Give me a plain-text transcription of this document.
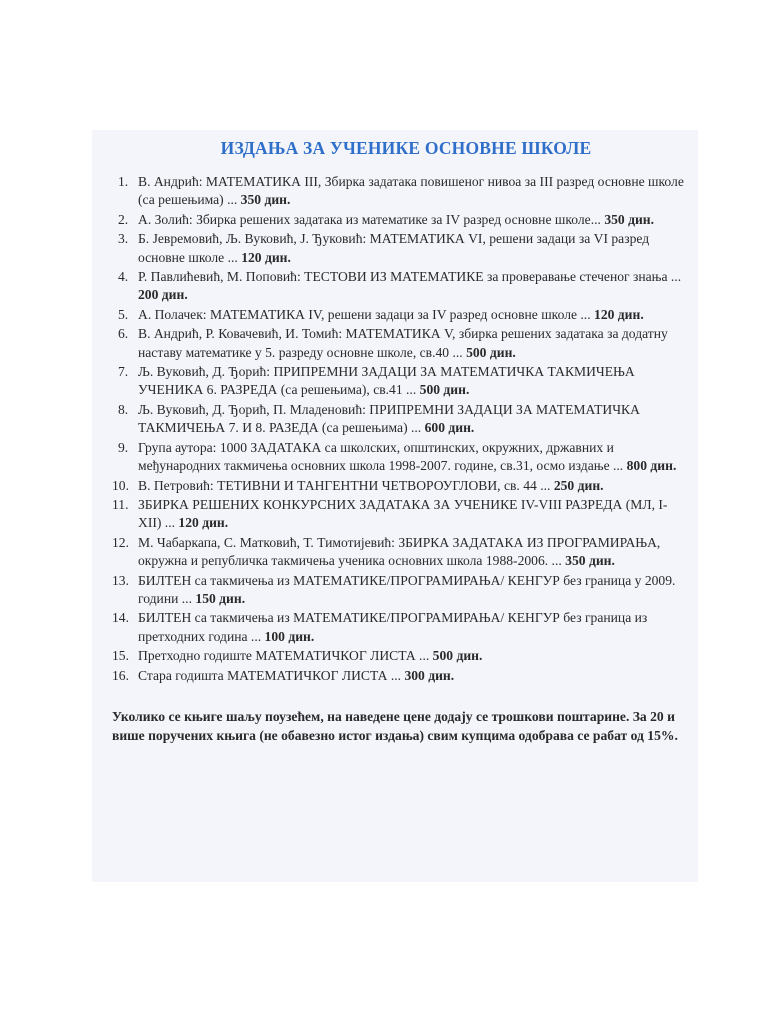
ИЗДАЊА ЗА УЧЕНИКЕ ОСНОВНЕ ШКОЛЕ
1. В. Андрић: МАТЕМАТИКА III, Збирка задатака повишеног нивоа за III разред основне школе (са решењима) ... 350 дин.
2. А. Золић: Збирка решених задатака из математике за IV разред основне школе... 350 дин.
3. Б. Јевремовић, Љ. Вуковић, Ј. Ђуковић: МАТЕМАТИКА VI, решени задаци за VI разред основне школе ... 120 дин.
4. Р. Павлићевић, М. Поповић: ТЕСТОВИ ИЗ МАТЕМАТИКЕ за проверавање стеченог знања ... 200 дин.
5. А. Полачек: МАТЕМАТИКА IV, решени задаци за IV разред основне школе ... 120 дин.
6. В. Андрић, Р. Ковачевић, И. Томић: МАТЕМАТИКА V, збирка решених задатака за додатну наставу математике у 5. разреду основне школе, св.40 ... 500 дин.
7. Љ. Вуковић, Д. Ђорић: ПРИПРЕМНИ ЗАДАЦИ ЗА МАТЕМАТИЧКА ТАКМИЧЕЊА УЧЕНИКА 6. РАЗРЕДА (са решењима), св.41 ... 500 дин.
8. Љ. Вуковић, Д. Ђорић, П. Младеновић: ПРИПРЕМНИ ЗАДАЦИ ЗА МАТЕМАТИЧКА ТАКМИЧЕЊА 7. И 8. РАЗЕДА (са решењима) ... 600 дин.
9. Група аутора: 1000 ЗАДАТАКА са школских, општинских, окружних, државних и међународних такмичења основних школа 1998-2007. године, св.31, осмо издање ... 800 дин.
10. В. Петровић: ТЕТИВНИ И ТАНГЕНТНИ ЧЕТВОРОУГЛОВИ, св. 44 ... 250 дин.
11. ЗБИРКА РЕШЕНИХ КОНКУРСНИХ ЗАДАТАКА ЗА УЧЕНИКЕ IV-VIII РАЗРЕДА (МЛ, I-XII) ... 120 дин.
12. М. Чабаркапа, С. Матковић, Т. Тимотијевић: ЗБИРКА ЗАДАТАКА ИЗ ПРОГРАМИРАЊА, окружна и републичка такмичења ученика основних школа 1988-2006. ... 350 дин.
13. БИЛТЕН са такмичења из МАТЕМАТИКЕ/ПРОГРАМИРАЊА/ КЕНГУР без граница у 2009. години ... 150 дин.
14. БИЛТЕН са такмичења из МАТЕМАТИКЕ/ПРОГРАМИРАЊА/ КЕНГУР без граница из претходних година ... 100 дин.
15. Претходно годиште МАТЕМАТИЧКОГ ЛИСТА ... 500 дин.
16. Стара годишта МАТЕМАТИЧКОГ ЛИСТА ... 300 дин.
Уколико се књиге шаљу поузећем, на наведене цене додају се трошкови поштарине. За 20 и више поручених књига (не обавезно истог издања) свим купцима одобрава се рабат од 15%.
